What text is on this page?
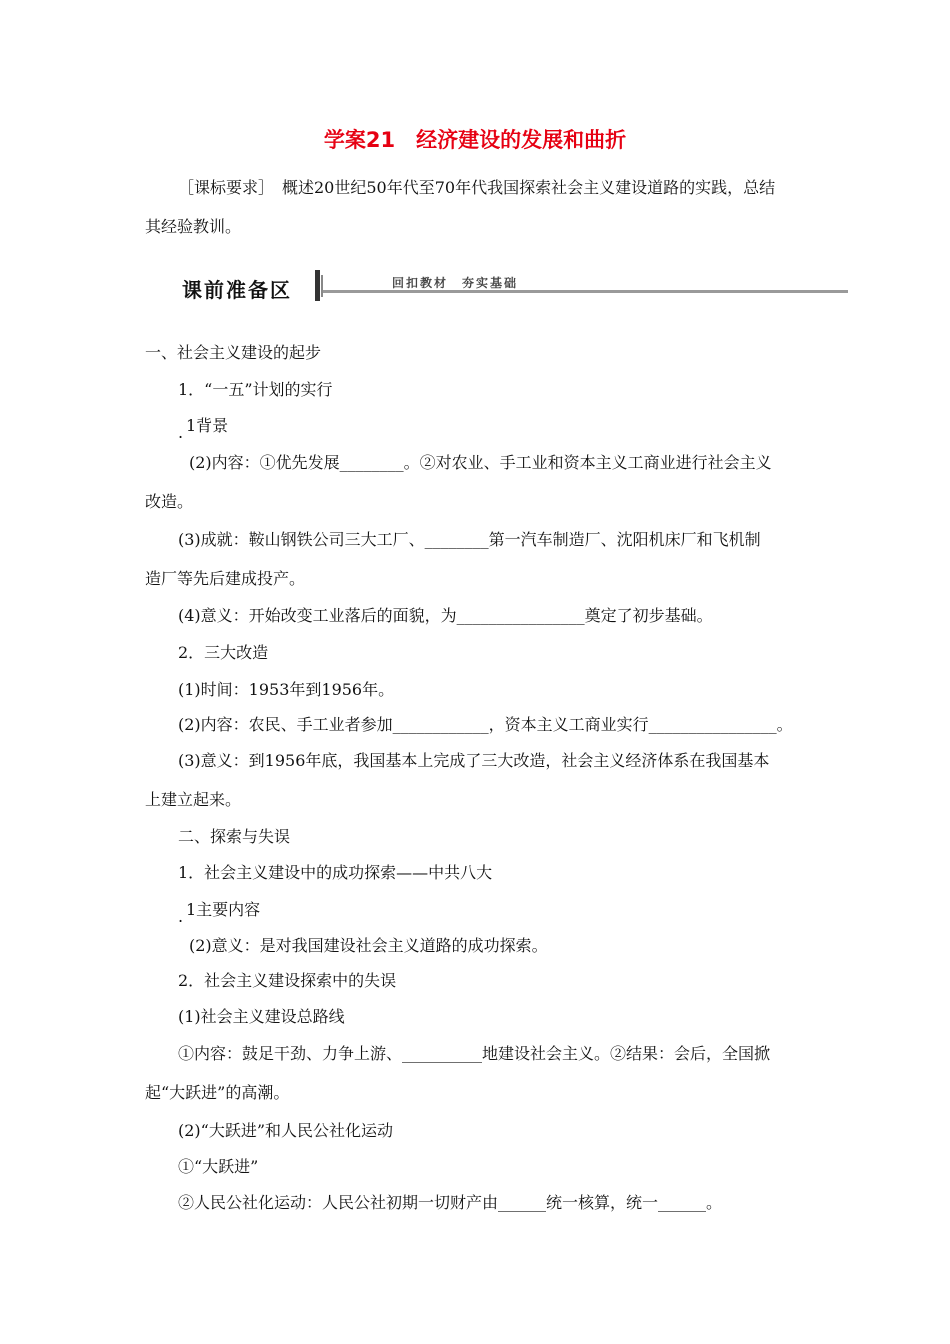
学案21　经济建设的发展和曲折
［课标要求］　概述20世纪50年代至70年代我国探索社会主义建设道路的实践，总结
其经验教训。
课前准备区	回扣教材　夯实基础
一、社会主义建设的起步
1．“一五”计划的实行
. 1背景
(2)内容：①优先发展________。②对农业、手工业和资本主义工商业进行社会主义
改造。
(3)成就：鞍山钢铁公司三大工厂、________第一汽车制造厂、沈阳机床厂和飞机制
造厂等先后建成投产。
(4)意义：开始改变工业落后的面貌，为________________奠定了初步基础。
2．三大改造
(1)时间：1953年到1956年。
(2)内容：农民、手工业者参加____________，资本主义工商业实行________________。
(3)意义：到1956年底，我国基本上完成了三大改造，社会主义经济体系在我国基本
上建立起来。
二、探索与失误
1．社会主义建设中的成功探索——中共八大
. 1主要内容
(2)意义：是对我国建设社会主义道路的成功探索。
2．社会主义建设探索中的失误
(1)社会主义建设总路线
①内容：鼓足干劲、力争上游、__________地建设社会主义。②结果：会后，全国掀
起“大跃进”的高潮。
(2)“大跃进”和人民公社化运动
①“大跃进”
②人民公社化运动：人民公社初期一切财产由______统一核算，统一______。
